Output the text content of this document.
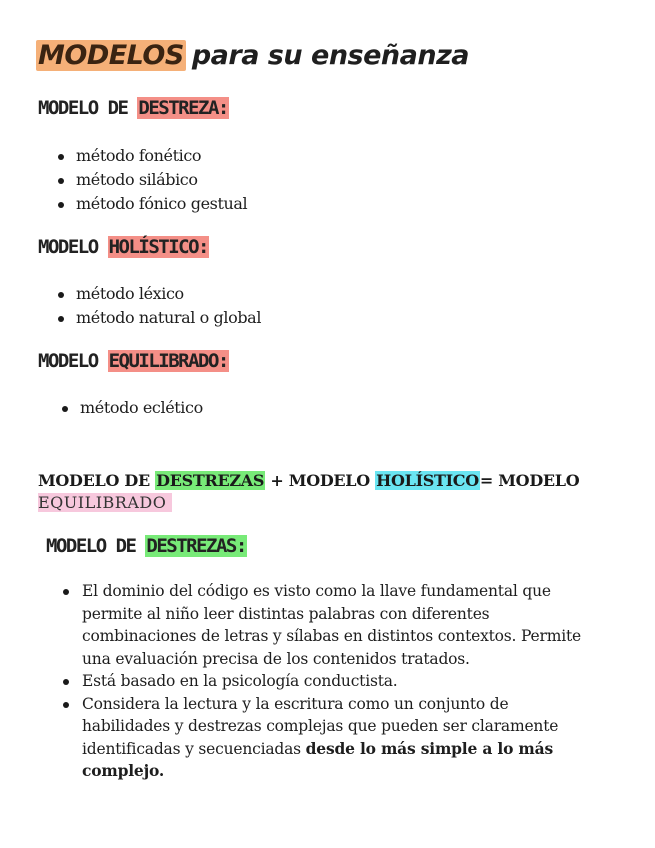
MODELOS para su enseñanza
MODELO DE DESTREZA:
método fonético
método silábico
método fónico gestual
MODELO HOLÍSTICO:
método léxico
método natural o global
MODELO EQUILIBRADO:
método eclético
MODELO DE DESTREZAS + MODELO HOLÍSTICO= MODELO
EQUILIBRADO
MODELO DE DESTREZAS:
El dominio del código es visto como la llave fundamental que permite al niño leer distintas palabras con diferentes combinaciones de letras y sílabas en distintos contextos. Permite una evaluación precisa de los contenidos tratados.
Está basado en la psicología conductista.
Considera la lectura y la escritura como un conjunto de habilidades y destrezas complejas que pueden ser claramente identificadas y secuenciadas desde lo más simple a lo más complejo.
